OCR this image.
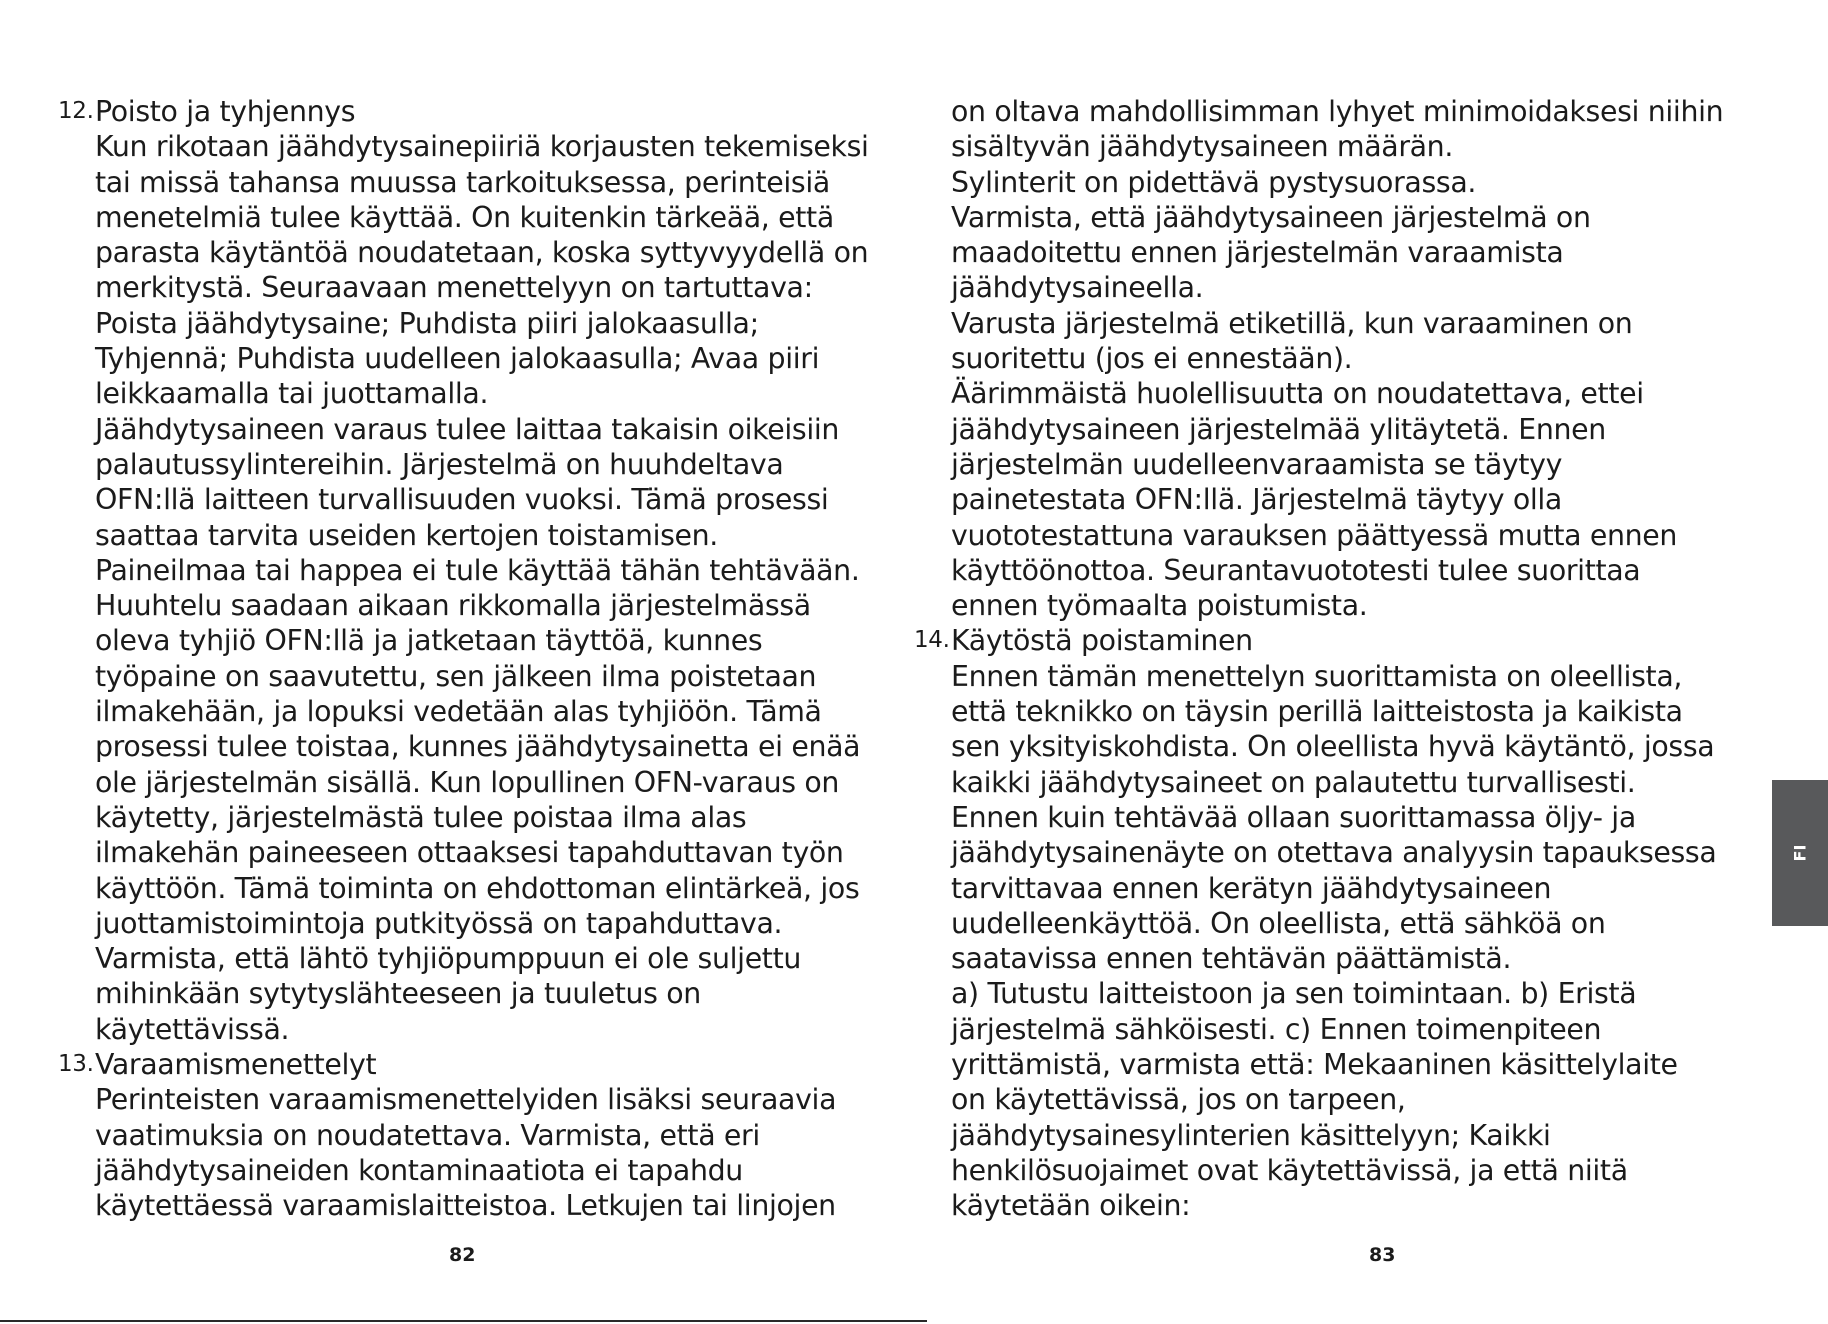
12. Poisto ja tyhjennys
Kun rikotaan jäähdytysainepiiriä korjausten tekemiseksi
tai missä tahansa muussa tarkoituksessa, perinteisiä
menetelmiä tulee käyttää. On kuitenkin tärkeää, että
parasta käytäntöä noudatetaan, koska syttyvyydellä on
merkitystä. Seuraavaan menettelyyn on tartuttava:
Poista jäähdytysaine; Puhdista piiri jalokaasulla;
Tyhjennä; Puhdista uudelleen jalokaasulla; Avaa piiri
leikkaamalla tai juottamalla.
Jäähdytysaineen varaus tulee laittaa takaisin oikeisiin
palautussylintereihin. Järjestelmä on huuhdeltava
OFN:llä laitteen turvallisuuden vuoksi. Tämä prosessi
saattaa tarvita useiden kertojen toistamisen.
Paineilmaa tai happea ei tule käyttää tähän tehtävään.
Huuhtelu saadaan aikaan rikkomalla järjestelmässä
oleva tyhjiö OFN:llä ja jatketaan täyttöä, kunnes
työpaine on saavutettu, sen jälkeen ilma poistetaan
ilmakehään, ja lopuksi vedetään alas tyhjiöön. Tämä
prosessi tulee toistaa, kunnes jäähdytysainetta ei enää
ole järjestelmän sisällä. Kun lopullinen OFN-varaus on
käytetty, järjestelmästä tulee poistaa ilma alas
ilmakehän paineeseen ottaaksesi tapahduttavan työn
käyttöön. Tämä toiminta on ehdottoman elintärkeä, jos
juottamistoimintoja putkityössä on tapahduttava.
Varmista, että lähtö tyhjiöpumppuun ei ole suljettu
mihinkään sytytyslähteeseen ja tuuletus on
käytettävissä.
13. Varaamismenettelyt
Perinteisten varaamismenettelyiden lisäksi seuraavia
vaatimuksia on noudatettava. Varmista, että eri
jäähdytysaineiden kontaminaatiota ei tapahdu
käytettäessä varaamislaitteistoa. Letkujen tai linjojen
82
on oltava mahdollisimman lyhyet minimoidaksesi niihin
sisältyvän jäähdytysaineen määrän.
Sylinterit on pidettävä pystysuorassa.
Varmista, että jäähdytysaineen järjestelmä on
maadoitettu ennen järjestelmän varaamista
jäähdytysaineella.
Varusta järjestelmä etiketillä, kun varaaminen on
suoritettu (jos ei ennestään).
Äärimmäistä huolellisuutta on noudatettava, ettei
jäähdytysaineen järjestelmää ylitäytetä. Ennen
järjestelmän uudelleenvaraamista se täytyy
painetestata OFN:llä. Järjestelmä täytyy olla
vuototestattuna varauksen päättyessä mutta ennen
käyttöönottoa. Seurantavuototesti tulee suorittaa
ennen työmaalta poistumista.
14. Käytöstä poistaminen
Ennen tämän menettelyn suorittamista on oleellista,
että teknikko on täysin perillä laitteistosta ja kaikista
sen yksityiskohdista. On oleellista hyvä käytäntö, jossa
kaikki jäähdytysaineet on palautettu turvallisesti.
Ennen kuin tehtävää ollaan suorittamassa öljy- ja
jäähdytysainenäyte on otettava analyysin tapauksessa
tarvittavaa ennen kerätyn jäähdytysaineen
uudelleenkäyttöä. On oleellista, että sähköä on
saatavissa ennen tehtävän päättämistä.
a) Tutustu laitteistoon ja sen toimintaan. b) Eristä
järjestelmä sähköisesti. c) Ennen toimenpiteen
yrittämistä, varmista että: Mekaaninen käsittelylaite
on käytettävissä, jos on tarpeen,
jäähdytysainesylinterien käsittelyyn; Kaikki
henkilösuojaimet ovat käytettävissä, ja että niitä
käytetään oikein:
83
FI
